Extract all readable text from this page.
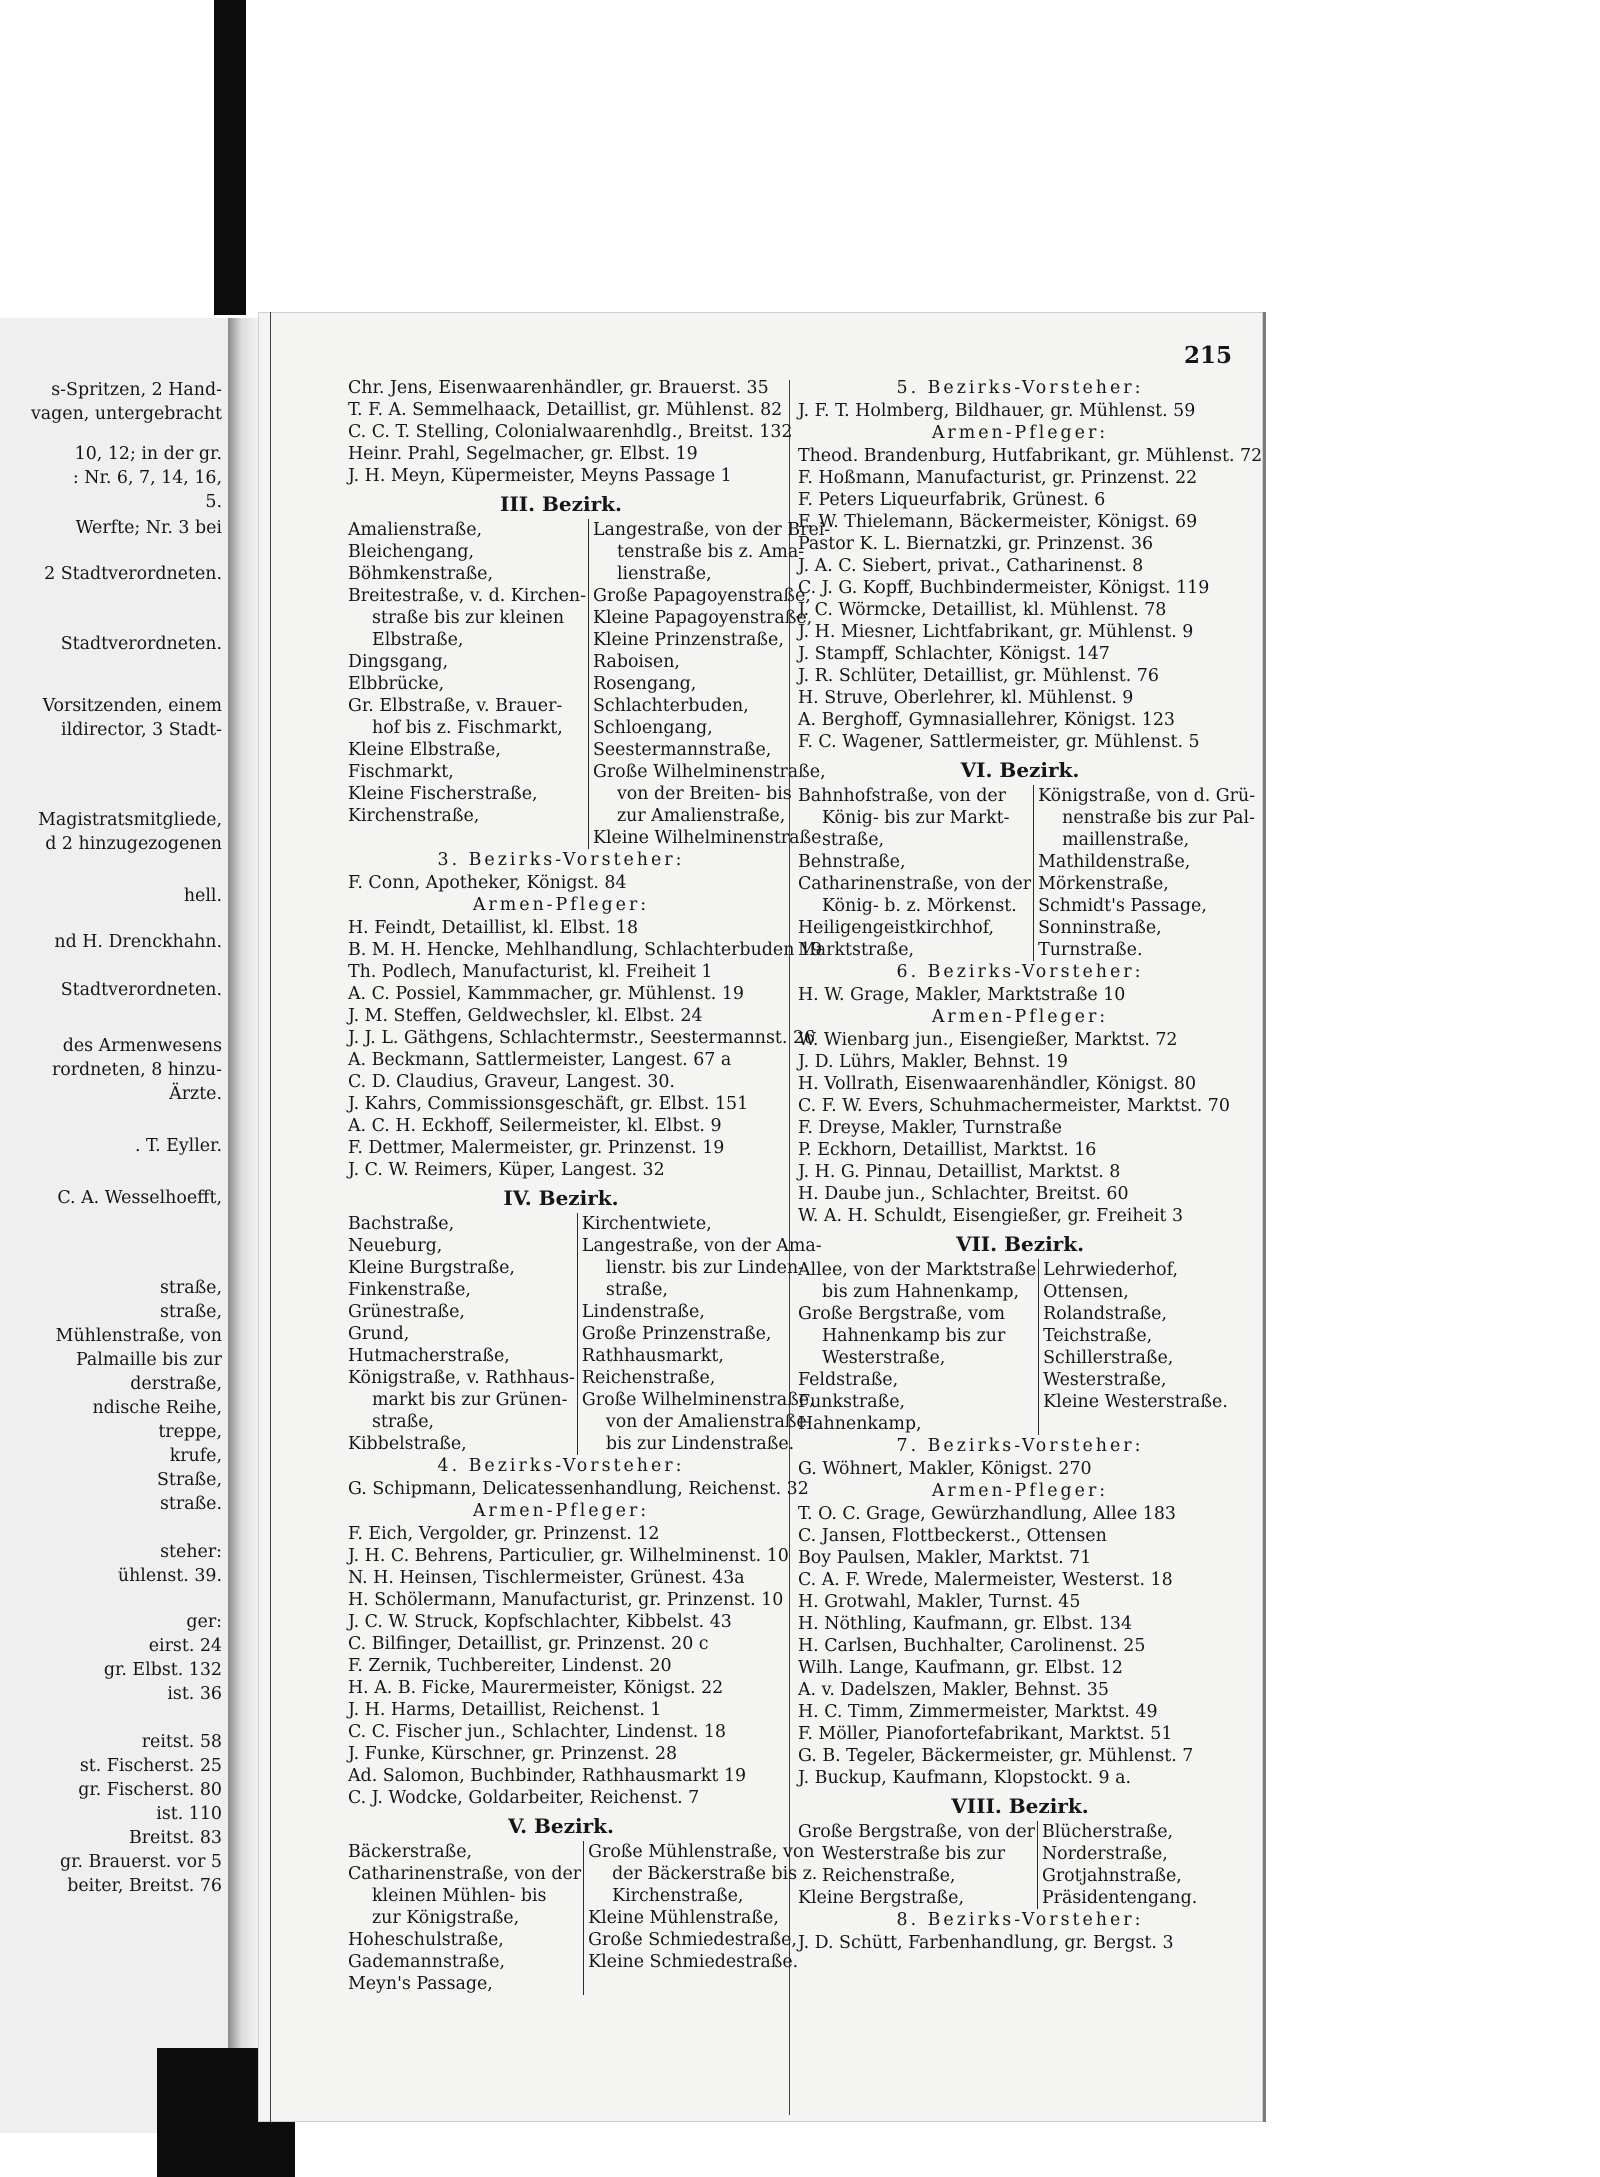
s-Spritzen, 2 Hand-
vagen, untergebracht
10, 12; in der gr.
: Nr. 6, 7, 14, 16,
5.
Werfte; Nr. 3 bei
2 Stadtverordneten.
Stadtverordneten.
Vorsitzenden, einem
ildirector, 3 Stadt-
Magistratsmitgliede,
d 2 hinzugezogenen
hell.
nd H. Drenckhahn.
Stadtverordneten.
des Armenwesens
rordneten, 8 hinzu-
Ärzte.
. T. Eyller.
C. A. Wesselhoefft,
straße,
straße,
Mühlenstraße, von
Palmaille bis zur
derstraße,
ndische Reihe,
treppe,
krufe,
Straße,
straße.
stehеr:
ühlenst. 39.
ger:
eirst. 24
gr. Elbst. 132
ist. 36
reitst. 58
st. Fischerst. 25
gr. Fischerst. 80
ist. 110
Breitst. 83
gr. Brauerst. vor 5
beiter, Breitst. 76
215
Chr. Jens, Eisenwaarenhändler, gr. Brauerst. 35
T. F. A. Semmelhaack, Detaillist, gr. Mühlenst. 82
C. C. T. Stelling, Colonialwaarenhdlg., Breitst. 132
Heinr. Prahl, Segelmacher, gr. Elbst. 19
J. H. Meyn, Küpermeister, Meyns Passage 1
III. Bezirk.
Amalienstraße,
Bleichengang,
Böhmkenstraße,
Breitestraße, v. d. Kirchen-
straße bis zur kleinen
Elbstraße,
Dingsgang,
Elbbrücke,
Gr. Elbstraße, v. Brauer-
hof bis z. Fischmarkt,
Kleine Elbstraße,
Fischmarkt,
Kleine Fischerstraße,
Kirchenstraße,
Langestraße, von der Brei-
tenstraße bis z. Ama-
lienstraße,
Große Papagoyenstraße,
Kleine Papagoyenstraße,
Kleine Prinzenstraße,
Raboisen,
Rosengang,
Schlachterbuden,
Schloengang,
Seestermannstraße,
Große Wilhelminenstraße,
von der Breiten- bis
zur Amalienstraße,
Kleine Wilhelminenstraße
3. Bezirks-Vorsteher:
F. Conn, Apotheker, Königst. 84
Armen-Pfleger:
H. Feindt, Detaillist, kl. Elbst. 18
B. M. H. Hencke, Mehlhandlung, Schlachterbuden 19
Th. Podlech, Manufacturist, kl. Freiheit 1
A. C. Possiel, Kammmacher, gr. Mühlenst. 19
J. M. Steffen, Geldwechsler, kl. Elbst. 24
J. J. L. Gäthgens, Schlachtermstr., Seestermannst. 26
A. Beckmann, Sattlermeister, Langest. 67 a
C. D. Claudius, Graveur, Langest. 30.
J. Kahrs, Commissionsgeschäft, gr. Elbst. 151
A. C. H. Eckhoff, Seilermeister, kl. Elbst. 9
F. Dettmer, Malermeister, gr. Prinzenst. 19
J. C. W. Reimers, Küper, Langest. 32
IV. Bezirk.
Bachstraße,
Neueburg,
Kleine Burgstraße,
Finkenstraße,
Grünestraße,
Grund,
Hutmacherstraße,
Königstraße, v. Rathhaus-
markt bis zur Grünen-
straße,
Kibbelstraße,
Kirchentwiete,
Langestraße, von der Ama-
lienstr. bis zur Linden-
straße,
Lindenstraße,
Große Prinzenstraße,
Rathhausmarkt,
Reichenstraße,
Große Wilhelminenstraße,
von der Amalienstraße
bis zur Lindenstraße.
4. Bezirks-Vorsteher:
G. Schipmann, Delicatessenhandlung, Reichenst. 32
Armen-Pfleger:
F. Eich, Vergolder, gr. Prinzenst. 12
J. H. C. Behrens, Particulier, gr. Wilhelminenst. 10
N. H. Heinsen, Tischlermeister, Grünest. 43a
H. Schölermann, Manufacturist, gr. Prinzenst. 10
J. C. W. Struck, Kopfschlachter, Kibbelst. 43
C. Bilfinger, Detaillist, gr. Prinzenst. 20 c
F. Zernik, Tuchbereiter, Lindenst. 20
H. A. B. Ficke, Maurermeister, Königst. 22
J. H. Harms, Detaillist, Reichenst. 1
C. C. Fischer jun., Schlachter, Lindenst. 18
J. Funke, Kürschner, gr. Prinzenst. 28
Ad. Salomon, Buchbinder, Rathhausmarkt 19
C. J. Wodcke, Goldarbeiter, Reichenst. 7
V. Bezirk.
Bäckerstraße,
Catharinenstraße, von der
kleinen Mühlen- bis
zur Königstraße,
Hoheschulstraße,
Gademannstraße,
Meyn's Passage,
Große Mühlenstraße, von
der Bäckerstraße bis z.
Kirchenstraße,
Kleine Mühlenstraße,
Große Schmiedestraße,
Kleine Schmiedestraße.
5. Bezirks-Vorsteher:
J. F. T. Holmberg, Bildhauer, gr. Mühlenst. 59
Armen-Pfleger:
Theod. Brandenburg, Hutfabrikant, gr. Mühlenst. 72
F. Hoßmann, Manufacturist, gr. Prinzenst. 22
F. Peters Liqueurfabrik, Grünest. 6
F. W. Thielemann, Bäckermeister, Königst. 69
Pastor K. L. Biernatzki, gr. Prinzenst. 36
J. A. C. Siebert, privat., Catharinenst. 8
C. J. G. Kopff, Buchbindermeister, Königst. 119
J. C. Wörmcke, Detaillist, kl. Mühlenst. 78
J. H. Miesner, Lichtfabrikant, gr. Mühlenst. 9
J. Stampff, Schlachter, Königst. 147
J. R. Schlüter, Detaillist, gr. Mühlenst. 76
H. Struve, Oberlehrer, kl. Mühlenst. 9
A. Berghoff, Gymnasiallehrer, Königst. 123
F. C. Wagener, Sattlermeister, gr. Mühlenst. 5
VI. Bezirk.
Bahnhofstraße, von der
König- bis zur Markt-
straße,
Behnstraße,
Catharinenstraße, von der
König- b. z. Mörkenst.
Heiligengeistkirchhof,
Marktstraße,
Königstraße, von d. Grü-
nenstraße bis zur Pal-
maillenstraße,
Mathildenstraße,
Mörkenstraße,
Schmidt's Passage,
Sonninstraße,
Turnstraße.
6. Bezirks-Vorsteher:
H. W. Grage, Makler, Marktstraße 10
Armen-Pfleger:
W. Wienbarg jun., Eisengießer, Marktst. 72
J. D. Lührs, Makler, Behnst. 19
H. Vollrath, Eisenwaarenhändler, Königst. 80
C. F. W. Evers, Schuhmachermeister, Marktst. 70
F. Dreyse, Makler, Turnstraße
P. Eckhorn, Detaillist, Marktst. 16
J. H. G. Pinnau, Detaillist, Marktst. 8
H. Daube jun., Schlachter, Breitst. 60
W. A. H. Schuldt, Eisengießer, gr. Freiheit 3
VII. Bezirk.
Allee, von der Marktstraße
bis zum Hahnenkamp,
Große Bergstraße, vom
Hahnenkamp bis zur
Westerstraße,
Feldstraße,
Funkstraße,
Hahnenkamp,
Lehrwiederhof,
Ottensen,
Rolandstraße,
Teichstraße,
Schillerstraße,
Westerstraße,
Kleine Westerstraße.
7. Bezirks-Vorsteher:
G. Wöhnert, Makler, Königst. 270
Armen-Pfleger:
T. O. C. Grage, Gewürzhandlung, Allee 183
C. Jansen, Flottbeckerst., Ottensen
Boy Paulsen, Makler, Marktst. 71
C. A. F. Wrede, Malermeister, Westerst. 18
H. Grotwahl, Makler, Turnst. 45
H. Nöthling, Kaufmann, gr. Elbst. 134
H. Carlsen, Buchhalter, Carolinenst. 25
Wilh. Lange, Kaufmann, gr. Elbst. 12
A. v. Dadelszen, Makler, Behnst. 35
H. C. Timm, Zimmermeister, Marktst. 49
F. Möller, Pianofortefabrikant, Marktst. 51
G. B. Tegeler, Bäckermeister, gr. Mühlenst. 7
J. Buckup, Kaufmann, Klopstockt. 9 a.
VIII. Bezirk.
Große Bergstraße, von der
Westerstraße bis zur
Reichenstraße,
Kleine Bergstraße,
Blücherstraße,
Norderstraße,
Grotjahnstraße,
Präsidentengang.
8. Bezirks-Vorsteher:
J. D. Schütt, Farbenhandlung, gr. Bergst. 3
